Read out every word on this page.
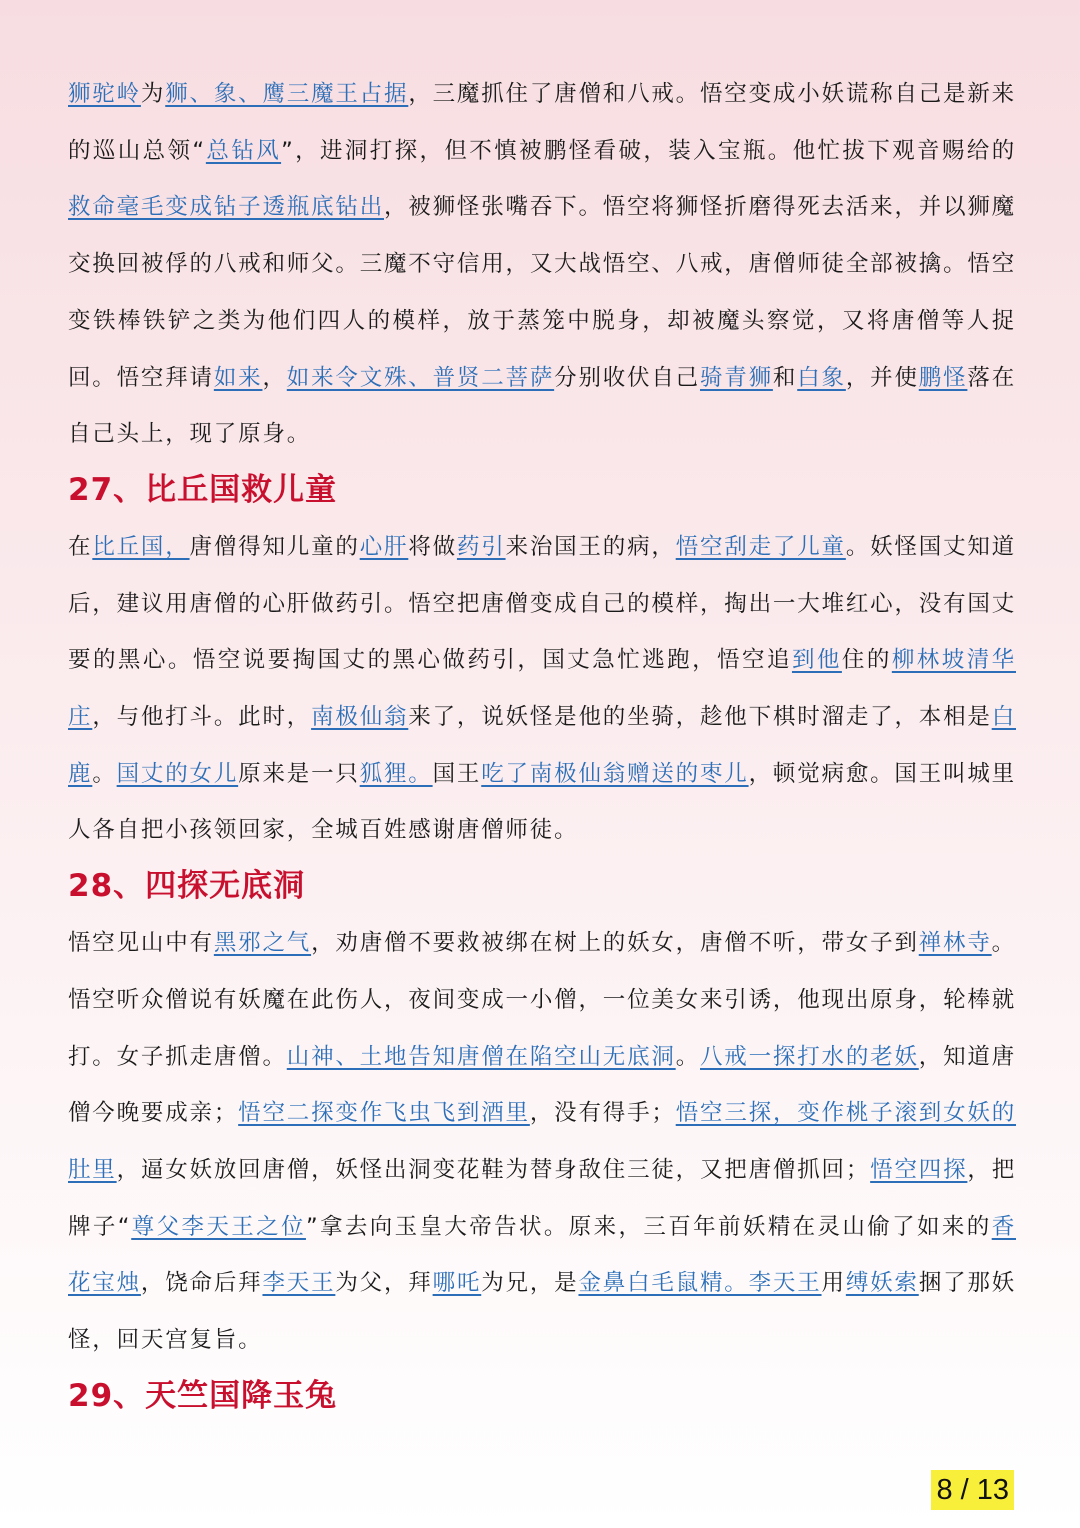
狮驼岭为狮、象、鹰三魔王占据，三魔抓住了唐僧和八戒。悟空变成小妖谎称自己是新来的巡山总领“总钻风”，进洞打探，但不慎被鹏怪看破，装入宝瓶。他忙拔下观音赐给的救命毫毛变成钻子透瓶底钻出，被狮怪张嘴吞下。悟空将狮怪折磨得死去活来，并以狮魔交换回被俘的八戒和师父。三魔不守信用，又大战悟空、八戒，唐僧师徒全部被擒。悟空变铁棒铁铲之类为他们四人的模样，放于蒸笼中脱身，却被魔头察觉，又将唐僧等人捉回。悟空拜请如来，如来令文殊、普贤二菩萨分别收伏自己骑青狮和白象，并使鹏怪落在自己头上，现了原身。

27、比丘国救儿童

在比丘国，唐僧得知儿童的心肝将做药引来治国王的病，悟空刮走了儿童。妖怪国丈知道后，建议用唐僧的心肝做药引。悟空把唐僧变成自己的模样，掏出一大堆红心，没有国丈要的黑心。悟空说要掏国丈的黑心做药引，国丈急忙逃跑，悟空追到他住的柳林坡清华庄，与他打斗。此时，南极仙翁来了，说妖怪是他的坐骑，趁他下棋时溜走了，本相是白鹿。国丈的女儿原来是一只狐狸。国王吃了南极仙翁赠送的枣儿，顿觉病愈。国王叫城里人各自把小孩领回家，全城百姓感谢唐僧师徒。

28、四探无底洞

悟空见山中有黑邪之气，劝唐僧不要救被绑在树上的妖女，唐僧不听，带女子到禅林寺。悟空听众僧说有妖魔在此伤人，夜间变成一小僧，一位美女来引诱，他现出原身，轮棒就打。女子抓走唐僧。山神、土地告知唐僧在陷空山无底洞。八戒一探打水的老妖，知道唐僧今晚要成亲；悟空二探变作飞虫飞到酒里，没有得手；悟空三探，变作桃子滚到女妖的肚里，逼女妖放回唐僧，妖怪出洞变花鞋为替身敌住三徒，又把唐僧抓回；悟空四探，把牌子“尊父李天王之位”拿去向玉皇大帝告状。原来，三百年前妖精在灵山偷了如来的香花宝烛，饶命后拜李天王为父，拜哪吒为兄，是金鼻白毛鼠精。李天王用缚妖索捆了那妖怪，回天宫复旨。

29、天竺国降玉兔
8 / 13
